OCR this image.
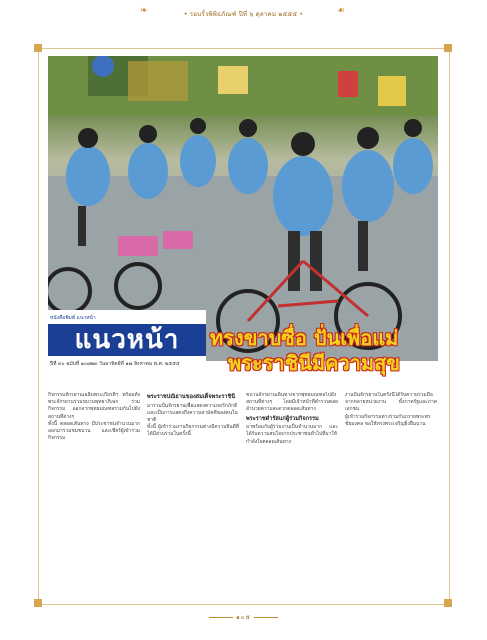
❧	• รอบรั้วพิพิธภัณฑ์ ปีที่ ๖ ตุลาคม ๒๕๕๕ •	☙
หนังสือพิมพ์ แนวหน้า
แนวหน้า
ปีที่ ๓๐ ฉบับที่ ๑๐๗๒๓ วันอาทิตย์ที่ ๑๗ สิงหาคม พ.ศ. ๒๕๕๕
ทรงขาบซื่อ ปั่นเพื่อแม่
พระราชินีมีความสุข

กิจกรรมจักรยานเฉลิมพระเกียรติฯ พร้อมทั้งพระจักรยานร่วมขบวนพุทธาภิเษก ร่วมกิจกรรม ออกจากพุทธมณฑลร่วมกันไปยังสถานที่ต่างๆ

ทั้งนี้ ตลอดเส้นทาง มีประชาชนจำนวนมากออกมาร่วมชมขบวน และเชียร์ผู้เข้าร่วมกิจกรรม

พระราชปณิธานของสมเด็จพระราชินี

มาร่วมปั่นจักรยานเพื่อแสดงความจงรักภักดี และเป็นการแสดงถึงความสามัคคีของคนในชาติ

ทั้งนี้ ผู้เข้าร่วมงานกิจกรรมต่างมีความยินดีที่ได้มีส่วนร่วมในครั้งนี้

ขบวนจักรยานเดินทางจากพุทธมณฑลไปยังสถานที่ต่างๆ โดยมีเจ้าหน้าที่ตำรวจคอยอำนวยความสะดวกตลอดเส้นทาง

พระราชดำรัสแก่ผู้ร่วมกิจกรรม

มาพร้อมกับผู้ร่วมงานเป็นจำนวนมาก และได้รับความสนใจจากประชาชนทั่วไปที่มาให้กำลังใจตลอดเส้นทาง

งานปั่นจักรยานในครั้งนี้ได้รับความร่วมมือจากหลายหน่วยงาน ทั้งภาครัฐและภาคเอกชน

ผู้เข้าร่วมกิจกรรมต่างร่วมกันถวายพระพรชัยมงคล ขอให้ทรงพระเจริญยิ่งยืนนาน

๑๐๕
